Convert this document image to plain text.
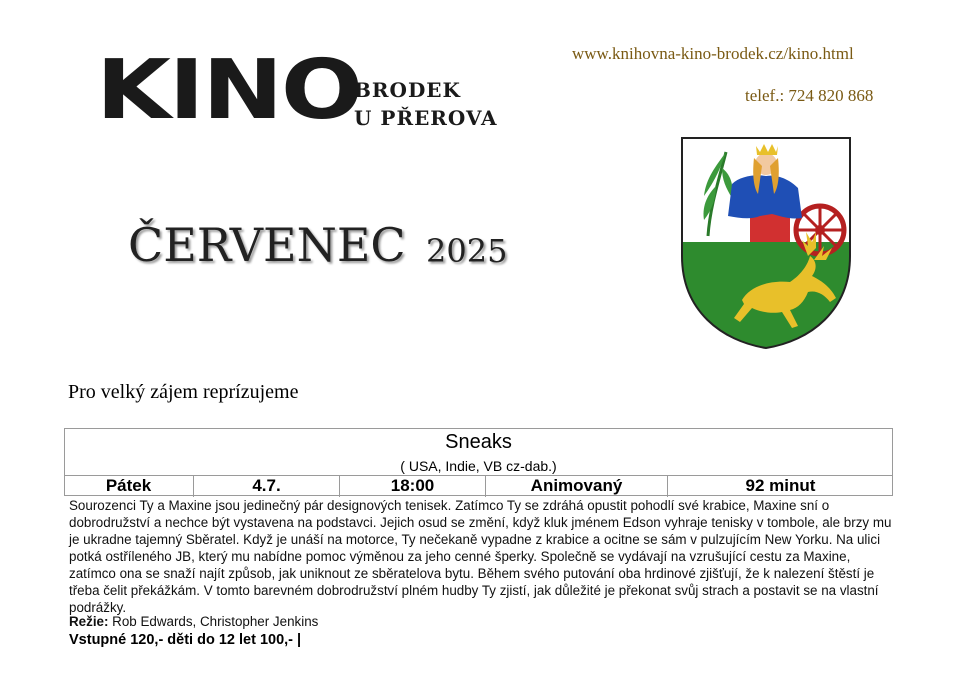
www.knihovna-kino-brodek.cz/kino.html
telef.: 724 820 868
KINO
BRODEK
U PŘEROVA
ČERVENEC 2025
Pro velký zájem reprízujeme
Sneaks
( USA, Indie, VB cz-dab.)
Pátek	4.7.	18:00	Animovaný	92 minut
Sourozenci Ty a Maxine jsou jedinečný pár designových tenisek. Zatímco Ty se zdráhá opustit pohodlí své krabice, Maxine sní o dobrodružství a nechce být vystavena na podstavci. Jejich osud se změní, když kluk jménem Edson vyhraje tenisky v tombole, ale brzy mu je ukradne tajemný Sběratel. Když je unáší na motorce, Ty nečekaně vypadne z krabice a ocitne se sám v pulzujícím New Yorku. Na ulici potká ostříleného JB, který mu nabídne pomoc výměnou za jeho cenné šperky. Společně se vydávají na vzrušující cestu za Maxine, zatímco ona se snaží najít způsob, jak uniknout ze sběratelova bytu. Během svého putování oba hrdinové zjišťují, že k nalezení štěstí je třeba čelit překážkám. V tomto barevném dobrodružství plném hudby Ty zjistí, jak důležité je překonat svůj strach a postavit se na vlastní podrážky.
Režie: Rob Edwards, Christopher Jenkins
Vstupné 120,- děti do 12 let 100,- |
